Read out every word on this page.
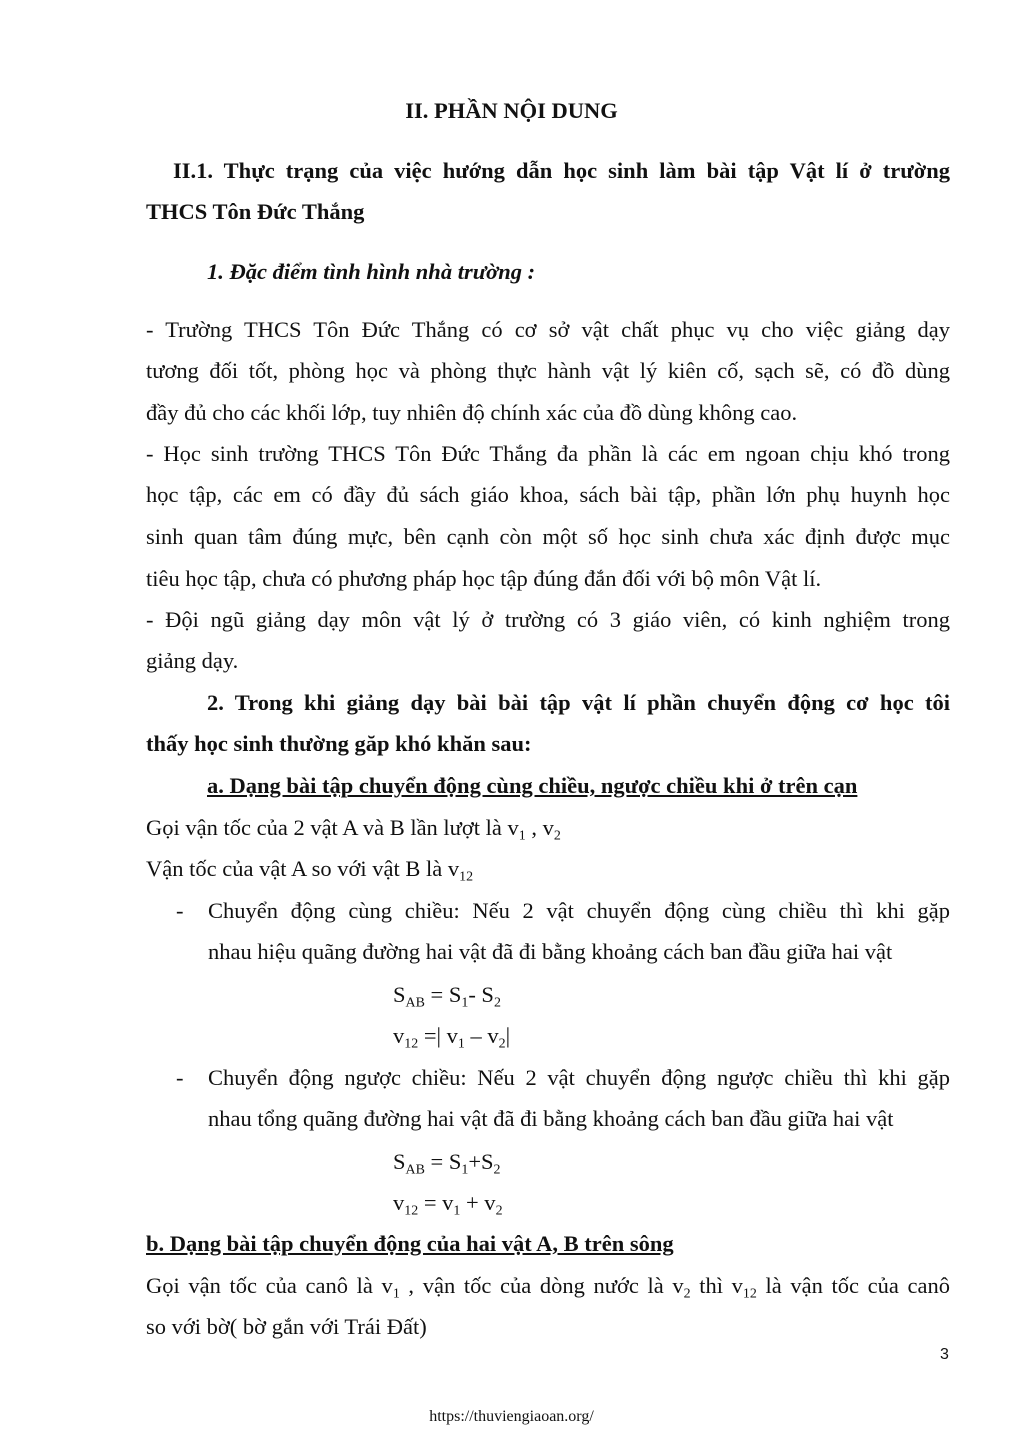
II. PHẦN NỘI DUNG
II.1. Thực trạng của việc hướng dẫn học sinh làm bài tập Vật lí ở trường
THCS Tôn Đức Thắng
1. Đặc điểm tình hình nhà trường :
- Trường THCS Tôn Đức Thắng có cơ sở vật chất phục vụ cho việc giảng dạy
tương đối tốt, phòng học và phòng thực hành vật lý kiên cố, sạch sẽ, có đồ dùng
đầy đủ cho các khối lớp, tuy nhiên độ chính xác của đồ dùng không cao.
- Học sinh trường THCS Tôn Đức Thắng đa phần là các em ngoan chịu khó trong
học tập, các em có đầy đủ sách giáo khoa, sách bài tập, phần lớn phụ huynh học
sinh quan tâm đúng mực, bên cạnh còn một số học sinh chưa xác định được mục
tiêu học tập, chưa có phương pháp học tập đúng đắn đối với bộ môn Vật lí.
- Đội ngũ giảng dạy môn vật lý ở trường có 3 giáo viên, có kinh nghiệm trong
giảng dạy.
2. Trong khi giảng dạy bài bài tập vật lí phần chuyển động cơ học tôi
thấy học sinh thường găp khó khăn sau:
a. Dạng bài tập chuyển động cùng chiều, ngược chiều khi ở trên cạn
Gọi vận tốc của 2 vật A và B lần lượt là $v_1$ , $v_2$
Vận tốc của vật A so với vật B là $v_{12}$
- Chuyển động cùng chiều: Nếu 2 vật chuyển động cùng chiều thì khi gặp
nhau hiệu quãng đường hai vật đã đi bằng khoảng cách ban đầu giữa hai vật
$S_{AB} = S_1-$ $S_2$
$v_{12}$ =| $v_1 - v_2|$
- Chuyển động ngược chiều: Nếu 2 vật chuyển động ngược chiều thì khi gặp
nhau tổng quãng đường hai vật đã đi bằng khoảng cách ban đầu giữa hai vật
$S_{AB} = S_1+S_2$
$v_{12} = v_1 + v_2$
b. Dạng bài tập chuyển động của hai vật A, B trên sông
Gọi vận tốc của canô là $v_1$ , vận tốc của dòng nước là $v_2$ thì $v_{12}$ là vận tốc của canô
so với bờ( bờ gắn với Trái Đất)
3
https://thuviengiaoan.org/
